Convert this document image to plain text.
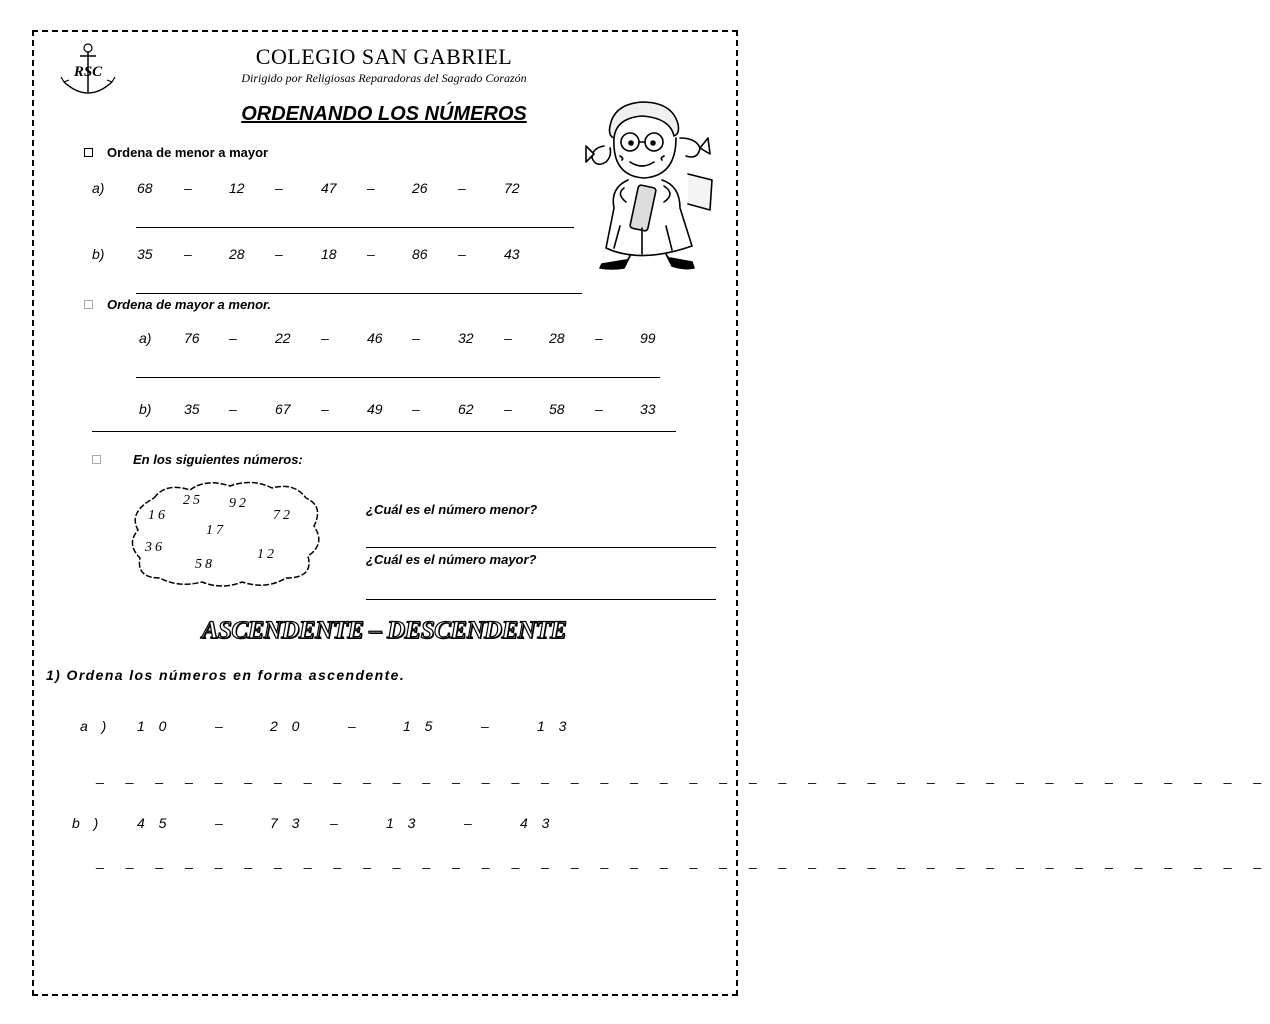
RSC
COLEGIO SAN GABRIEL
Dirigido por Religiosas Reparadoras del Sagrado Corazón
ORDENANDO LOS NÚMEROS
Ordena de menor a mayor
a) 68 –	12 –	47 –	26 –	72
b) 35 –	28 –	18 –	86 –	43
Ordena de mayor a menor.
a) 76 –	22 –	46 –	32 –	28 –	99
b) 35 –	67 –	49 –	62 –	58 –	33
En los siguientes números:
25 92
16	72
17
36	12
58
¿Cuál es el número menor?
¿Cuál es el número mayor?
ASCENDENTE – DESCENDENTE
1) Ordena los números en forma ascendente.
a ) 1 0	–	2 0	–	1 5	–	1 3
_ _ _ _ _ _ _ _ _ _ _ _ _ _ _ _ _ _ _ _ _ _ _ _ _ _ _ _ _ _ _ _ _ _ _ _ _ _ _ _
b ) 4 5	–	7 3 –	1 3	–	4 3
_ _ _ _ _ _ _ _ _ _ _ _ _ _ _ _ _ _ _ _ _ _ _ _ _ _ _ _ _ _ _ _ _ _ _ _ _ _ _ _
